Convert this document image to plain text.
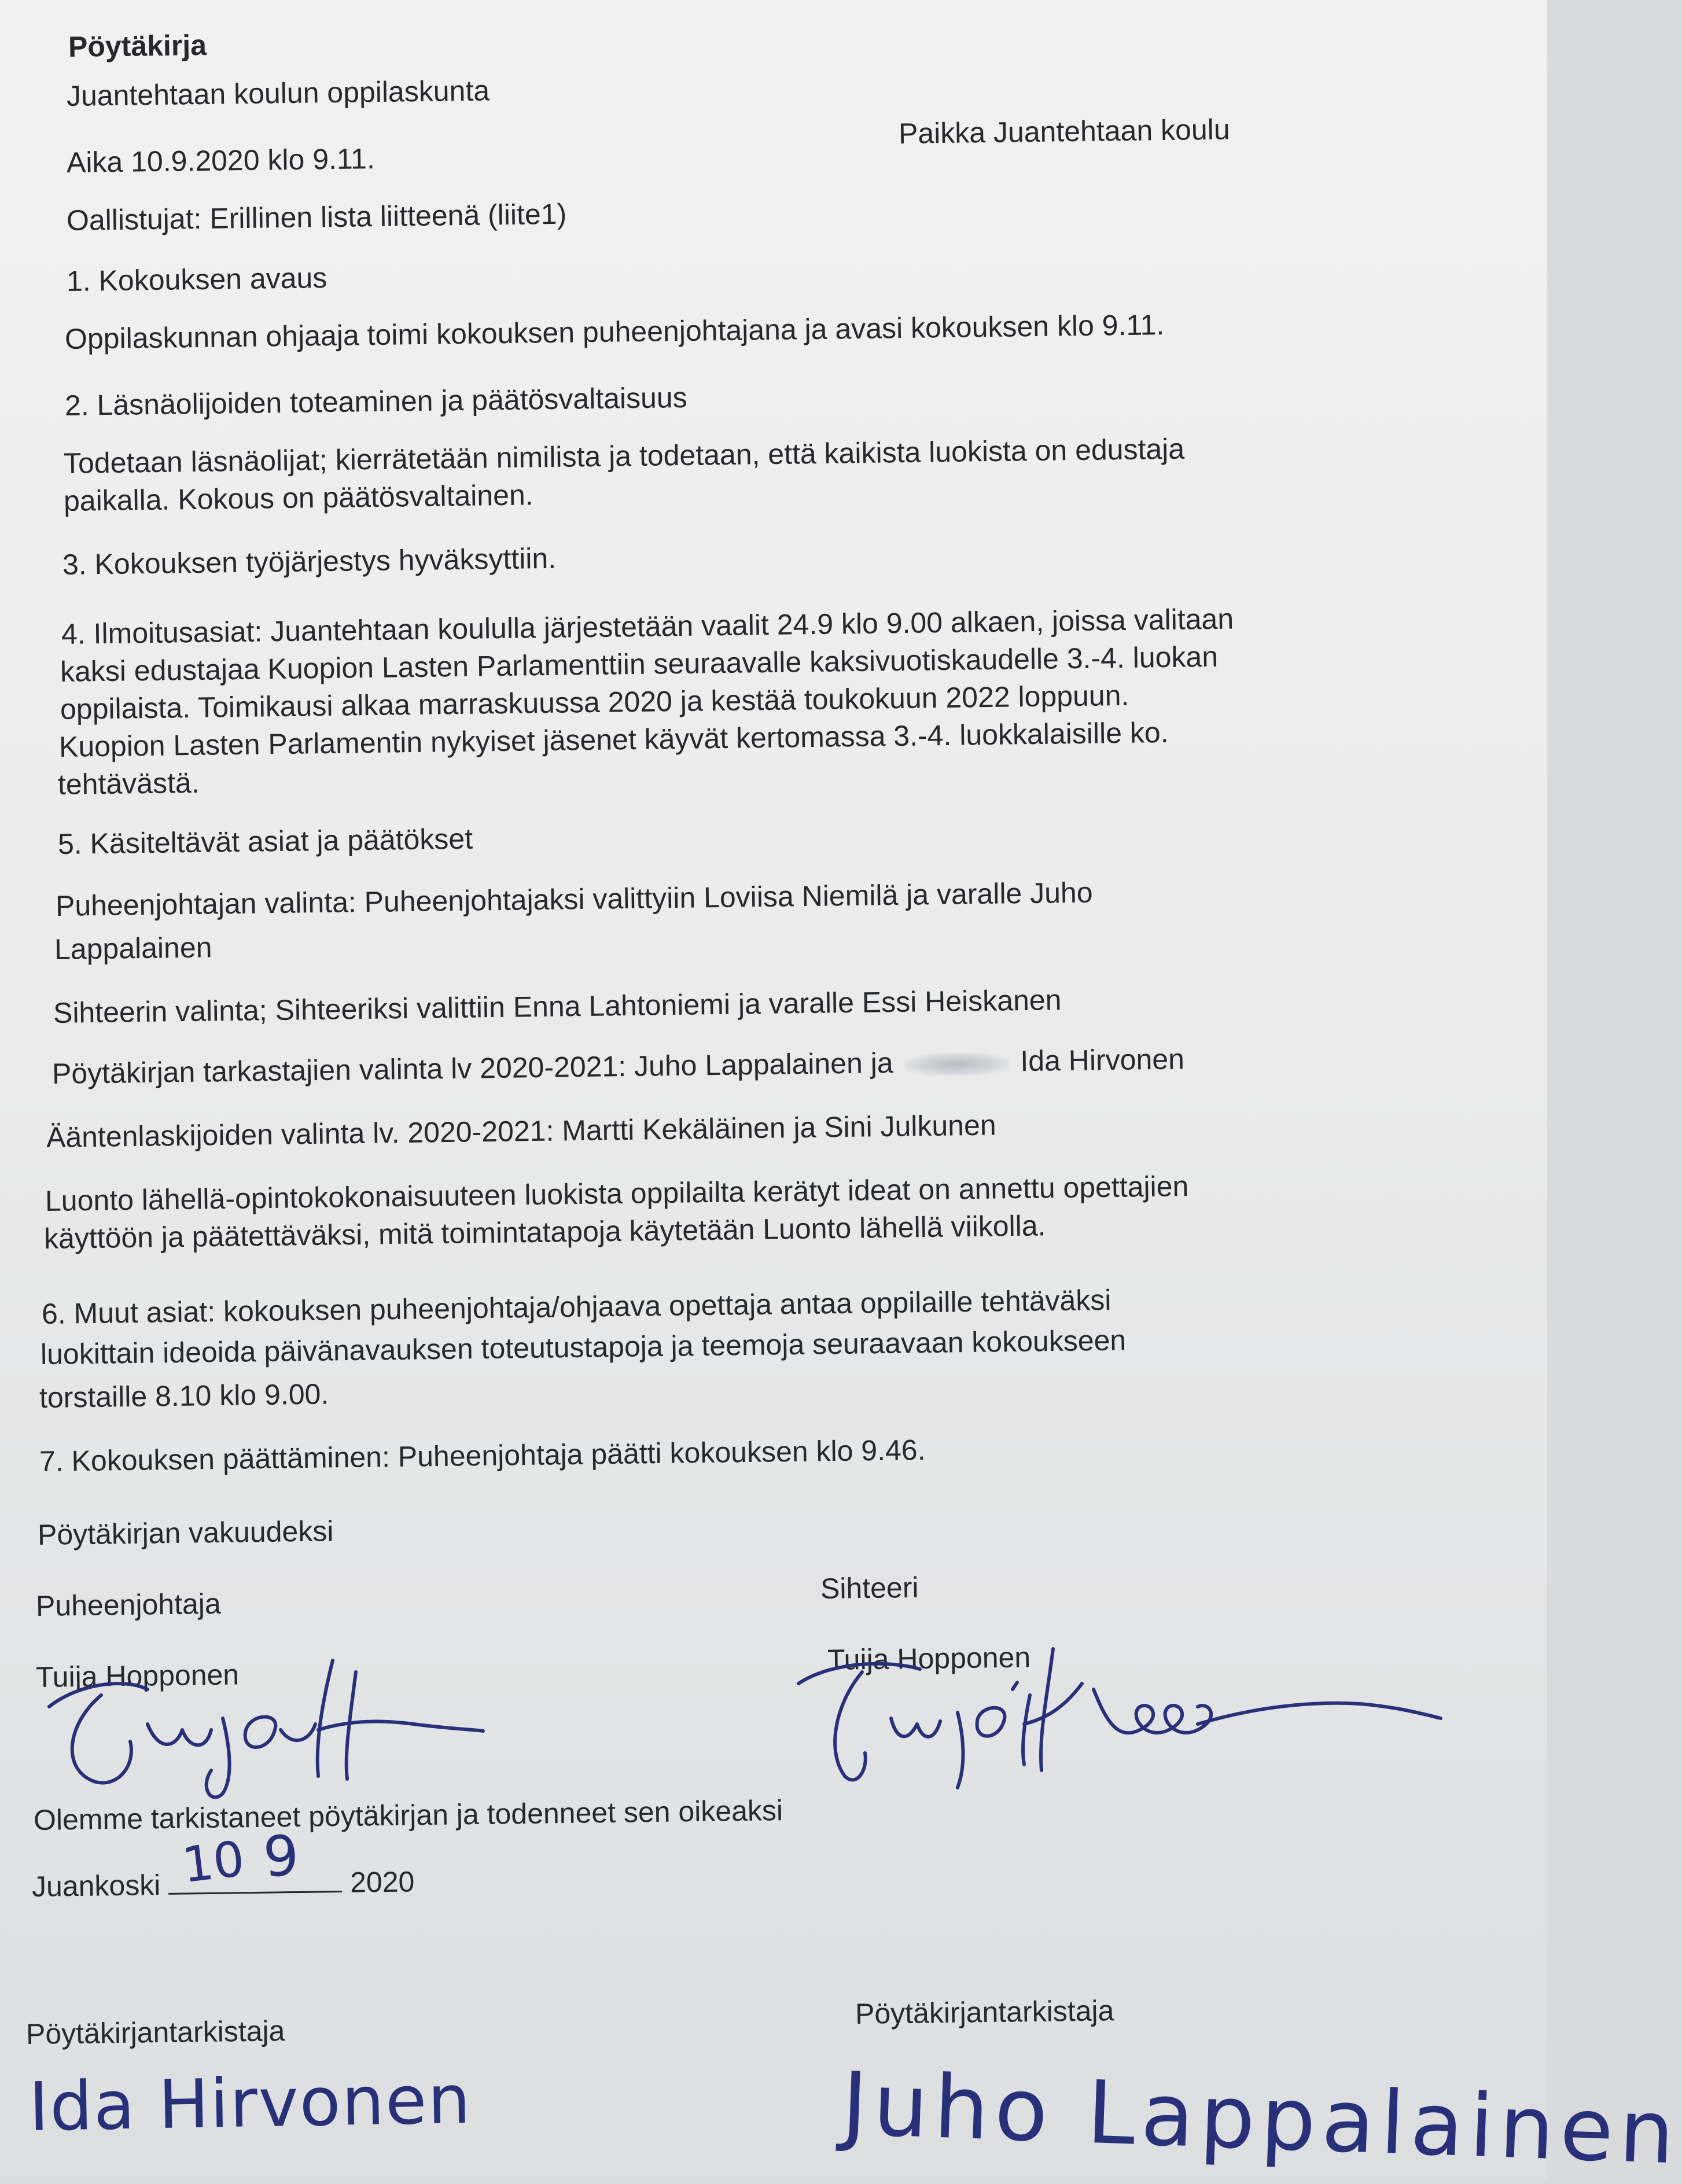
Pöytäkirja
Juantehtaan koulun oppilaskunta
Aika 10.9.2020 klo 9.11.
Paikka Juantehtaan koulu
Oallistujat: Erillinen lista liitteenä (liite1)
1. Kokouksen avaus
Oppilaskunnan ohjaaja toimi kokouksen puheenjohtajana ja avasi kokouksen klo 9.11.
2. Läsnäolijoiden toteaminen ja päätösvaltaisuus
Todetaan läsnäolijat; kierrätetään nimilista ja todetaan, että kaikista luokista on edustaja
paikalla. Kokous on päätösvaltainen.
3. Kokouksen työjärjestys hyväksyttiin.
4. Ilmoitusasiat: Juantehtaan koululla järjestetään vaalit 24.9 klo 9.00 alkaen, joissa valitaan
kaksi edustajaa Kuopion Lasten Parlamenttiin seuraavalle kaksivuotiskaudelle 3.-4. luokan
oppilaista. Toimikausi alkaa marraskuussa 2020 ja kestää toukokuun 2022 loppuun.
Kuopion Lasten Parlamentin nykyiset jäsenet käyvät kertomassa 3.-4. luokkalaisille ko.
tehtävästä.
5. Käsiteltävät asiat ja päätökset
Puheenjohtajan valinta: Puheenjohtajaksi valittyiin Loviisa Niemilä ja varalle Juho
Lappalainen
Sihteerin valinta; Sihteeriksi valittiin Enna Lahtoniemi ja varalle Essi Heiskanen
Pöytäkirjan tarkastajien valinta lv 2020-2021: Juho Lappalainen ja	Ida Hirvonen
Ääntenlaskijoiden valinta lv. 2020-2021: Martti Kekäläinen ja Sini Julkunen
Luonto lähellä-opintokokonaisuuteen luokista oppilailta kerätyt ideat on annettu opettajien
käyttöön ja päätettäväksi, mitä toimintatapoja käytetään Luonto lähellä viikolla.
6. Muut asiat: kokouksen puheenjohtaja/ohjaava opettaja antaa oppilaille tehtäväksi
luokittain ideoida päivänavauksen toteutustapoja ja teemoja seuraavaan kokoukseen
torstaille 8.10 klo 9.00.
7. Kokouksen päättäminen: Puheenjohtaja päätti kokouksen klo 9.46.
Pöytäkirjan vakuudeksi
Puheenjohtaja	Sihteeri
Tuija Hopponen	Tuija Hopponen
Olemme tarkistaneet pöytäkirjan ja todenneet sen oikeaksi
Juankoski 10 9 2020
Pöytäkirjantarkistaja
Pöytäkirjantarkistaja
Ida Hirvonen	Juho Lappalainen
